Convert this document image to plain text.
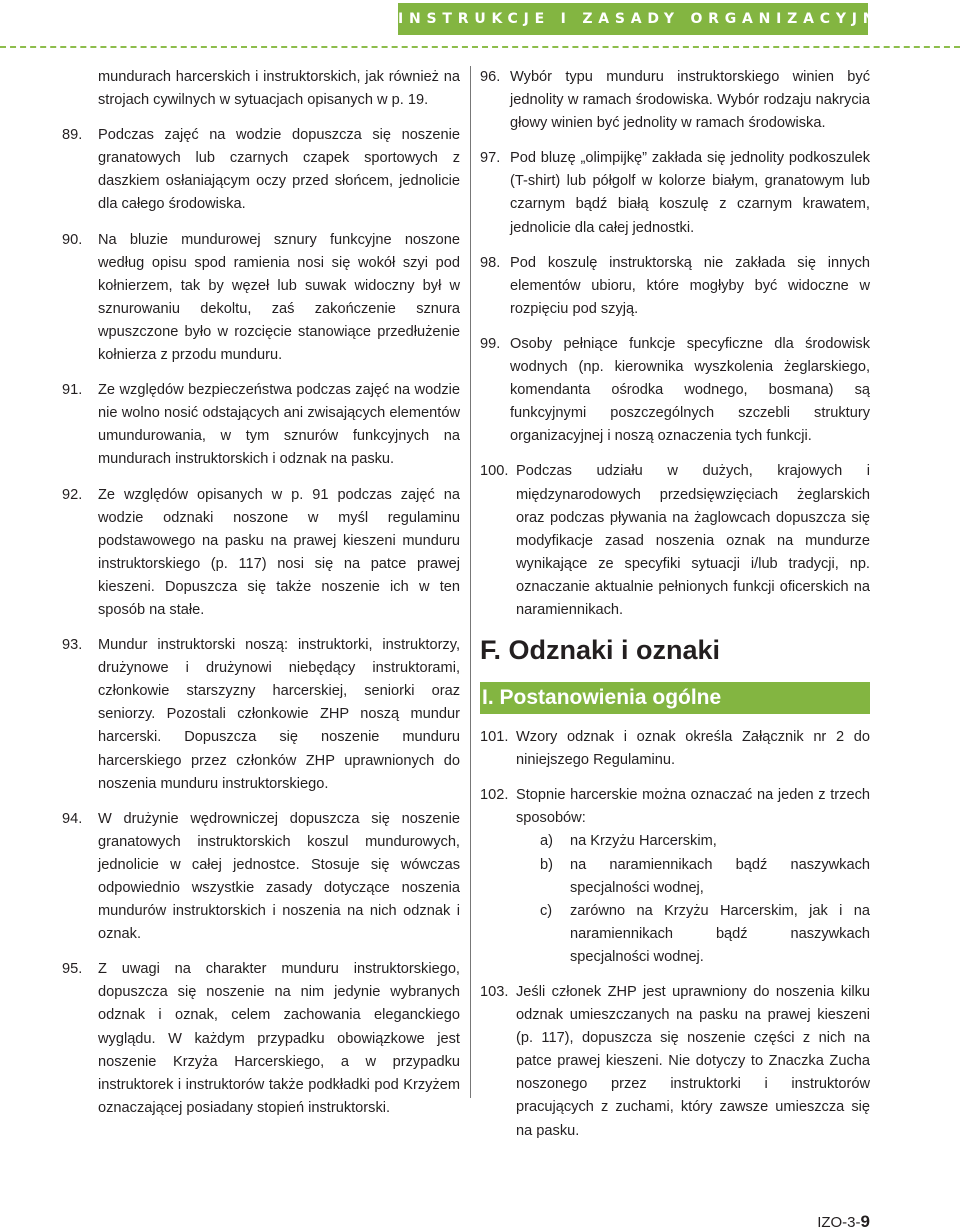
INSTRUKCJE I ZASADY ORGANIZACYJNE ZHP
mundurach harcerskich i instruktorskich, jak również na strojach cywilnych w sytuacjach opisanych w p. 19.
89.	Podczas zajęć na wodzie dopuszcza się noszenie granatowych lub czarnych czapek sportowych z daszkiem osłaniającym oczy przed słońcem, jednolicie dla całego środowiska.
90.	Na bluzie mundurowej sznury funkcyjne noszone według opisu spod ramienia nosi się wokół szyi pod kołnierzem, tak by węzeł lub suwak widoczny był w sznurowaniu dekoltu, zaś zakończenie sznura wpuszczone było w rozcięcie stanowiące przedłużenie kołnierza z przodu munduru.
91.	Ze względów bezpieczeństwa podczas zajęć na wodzie nie wolno nosić odstających ani zwisających elementów umundurowania, w tym sznurów funkcyjnych na mundurach instruktorskich i odznak na pasku.
92.	Ze względów opisanych w p. 91 podczas zajęć na wodzie odznaki noszone w myśl regulaminu podstawowego na pasku na prawej kieszeni munduru instruktorskiego (p. 117) nosi się na patce prawej kieszeni. Dopuszcza się także noszenie ich w ten sposób na stałe.
93.	Mundur instruktorski noszą: instruktorki, instruktorzy, drużynowe i drużynowi niebędący instruktorami, członkowie starszyzny harcerskiej, seniorki oraz seniorzy. Pozostali członkowie ZHP noszą mundur harcerski. Dopuszcza się noszenie munduru harcerskiego przez członków ZHP uprawnionych do noszenia munduru instruktorskiego.
94.	W drużynie wędrowniczej dopuszcza się noszenie granatowych instruktorskich koszul mundurowych, jednolicie w całej jednostce. Stosuje się wówczas odpowiednio wszystkie zasady dotyczące noszenia mundurów instruktorskich i noszenia na nich odznak i oznak.
95.	Z uwagi na charakter munduru instruktorskiego, dopuszcza się noszenie na nim jedynie wybranych odznak i oznak, celem zachowania eleganckiego wyglądu. W każdym przypadku obowiązkowe jest noszenie Krzyża Harcerskiego, a w przypadku instruktorek i instruktorów także podkładki pod Krzyżem oznaczającej posiadany stopień instruktorski.
96. Wybór typu munduru instruktorskiego winien być jednolity w ramach środowiska. Wybór rodzaju nakrycia głowy winien być jednolity w ramach środowiska.
97. Pod bluzę „olimpijkę” zakłada się jednolity podkoszulek (T-shirt) lub półgolf w kolorze białym, granatowym lub czarnym bądź białą koszulę z czarnym krawatem, jednolicie dla całej jednostki.
98. Pod koszulę instruktorską nie zakłada się innych elementów ubioru, które mogłyby być widoczne w rozpięciu pod szyją.
99. Osoby pełniące funkcje specyficzne dla środowisk wodnych (np. kierownika wyszkolenia żeglarskiego, komendanta ośrodka wodnego, bosmana) są funkcyjnymi poszczególnych szczebli struktury organizacyjnej i noszą oznaczenia tych funkcji.
100. Podczas udziału w dużych, krajowych i międzynarodowych przedsięwzięciach żeglarskich oraz podczas pływania na żaglowcach dopuszcza się modyfikacje zasad noszenia oznak na mundurze wynikające ze specyfiki sytuacji i/lub tradycji, np. oznaczanie aktualnie pełnionych funkcji oficerskich na naramiennikach.
F. Odznaki i oznaki
I. Postanowienia ogólne
101. Wzory odznak i oznak określa Załącznik nr 2 do niniejszego Regulaminu.
102. Stopnie harcerskie można oznaczać na jeden z trzech sposobów:
a) na Krzyżu Harcerskim,
b) na naramiennikach bądź naszywkach specjalności wodnej,
c) zarówno na Krzyżu Harcerskim, jak i na naramiennikach bądź naszywkach specjalności wodnej.
103. Jeśli członek ZHP jest uprawniony do noszenia kilku odznak umieszczanych na pasku na prawej kieszeni (p. 117), dopuszcza się noszenie części z nich na patce prawej kieszeni. Nie dotyczy to Znaczka Zucha noszonego przez instruktorki i instruktorów pracujących z zuchami, który zawsze umieszcza się na pasku.
IZO-3-9
